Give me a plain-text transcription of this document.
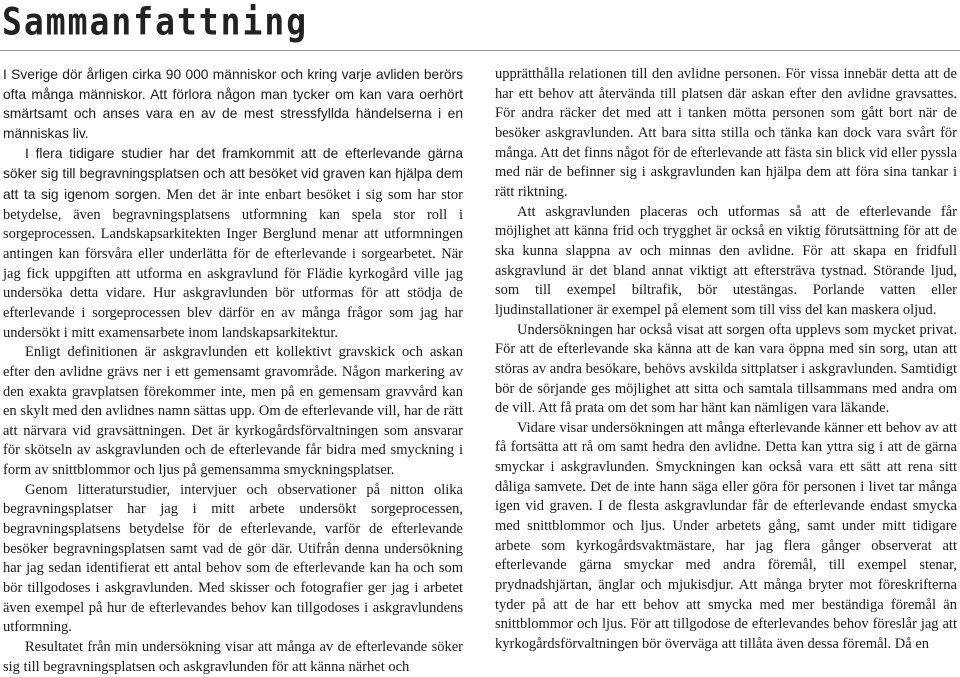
Sammanfattning

I Sverige dör årligen cirka 90 000 människor och kring varje avliden berörs ofta många människor. Att förlora någon man tycker om kan vara oerhört smärtsamt och anses vara en av de mest stressfyllda händelserna i en människas liv.

I flera tidigare studier har det framkommit att de efterlevande gärna söker sig till begravningsplatsen och att besöket vid graven kan hjälpa dem att ta sig igenom sorgen. Men det är inte enbart besöket i sig som har stor betydelse, även begravningsplatsens utformning kan spela stor roll i sorgeprocessen. Landskapsarkitekten Inger Berglund menar att utformningen antingen kan försvåra eller underlätta för de efterlevande i sorgearbetet. När jag fick uppgiften att utforma en askgravlund för Flädie kyrkogård ville jag undersöka detta vidare. Hur askgravlunden bör utformas för att stödja de efterlevande i sorgeprocessen blev därför en av många frågor som jag har undersökt i mitt examensarbete inom landskapsarkitektur.

Enligt definitionen är askgravlunden ett kollektivt gravskick och askan efter den avlidne grävs ner i ett gemensamt gravområde. Någon markering av den exakta gravplatsen förekommer inte, men på en gemensam gravvård kan en skylt med den avlidnes namn sättas upp. Om de efterlevande vill, har de rätt att närvara vid gravsättningen. Det är kyrkogårdsförvaltningen som ansvarar för skötseln av askgravlunden och de efterlevande får bidra med smyckning i form av snittblommor och ljus på gemensamma smyckningsplatser.

Genom litteraturstudier, intervjuer och observationer på nitton olika begravningsplatser har jag i mitt arbete undersökt sorgeprocessen, begravningsplatsens betydelse för de efterlevande, varför de efterlevande besöker begravningsplatsen samt vad de gör där. Utifrån denna undersökning har jag sedan identifierat ett antal behov som de efterlevande kan ha och som bör tillgodoses i askgravlunden. Med skisser och fotografier ger jag i arbetet även exempel på hur de efterlevandes behov kan tillgodoses i askgravlundens utformning.

Resultatet från min undersökning visar att många av de efterlevande söker sig till begravningsplatsen och askgravlunden för att känna närhet och

upprätthålla relationen till den avlidne personen. För vissa innebär detta att de har ett behov att återvända till platsen där askan efter den avlidne gravsattes. För andra räcker det med att i tanken mötta personen som gått bort när de besöker askgravlunden. Att bara sitta stilla och tänka kan dock vara svårt för många. Att det finns något för de efterlevande att fästa sin blick vid eller pyssla med när de befinner sig i askgravlunden kan hjälpa dem att föra sina tankar i rätt riktning.

Att askgravlunden placeras och utformas så att de efterlevande får möjlighet att känna frid och trygghet är också en viktig förutsättning för att de ska kunna slappna av och minnas den avlidne. För att skapa en fridfull askgravlund är det bland annat viktigt att eftersträva tystnad. Störande ljud, som till exempel biltrafik, bör utestängas. Porlande vatten eller ljudinstallationer är exempel på element som till viss del kan maskera oljud.

Undersökningen har också visat att sorgen ofta upplevs som mycket privat. För att de efterlevande ska känna att de kan vara öppna med sin sorg, utan att störas av andra besökare, behövs avskilda sittplatser i askgravlunden. Samtidigt bör de sörjande ges möjlighet att sitta och samtala tillsammans med andra om de vill. Att få prata om det som har hänt kan nämligen vara läkande.

Vidare visar undersökningen att många efterlevande känner ett behov av att få fortsätta att rå om samt hedra den avlidne. Detta kan yttra sig i att de gärna smyckar i askgravlunden. Smyckningen kan också vara ett sätt att rena sitt dåliga samvete. Det de inte hann säga eller göra för personen i livet tar många igen vid graven. I de flesta askgravlundar får de efterlevande endast smycka med snittblommor och ljus. Under arbetets gång, samt under mitt tidigare arbete som kyrkogårdsvaktmästare, har jag flera gånger observerat att efterlevande gärna smyckar med andra föremål, till exempel stenar, prydnadshjärtan, änglar och mjukisdjur. Att många bryter mot föreskrifterna tyder på att de har ett behov att smycka med mer beständiga föremål än snittblommor och ljus. För att tillgodose de efterlevandes behov föreslår jag att kyrkogårdsförvaltningen bör överväga att tillåta även dessa föremål. Då en
